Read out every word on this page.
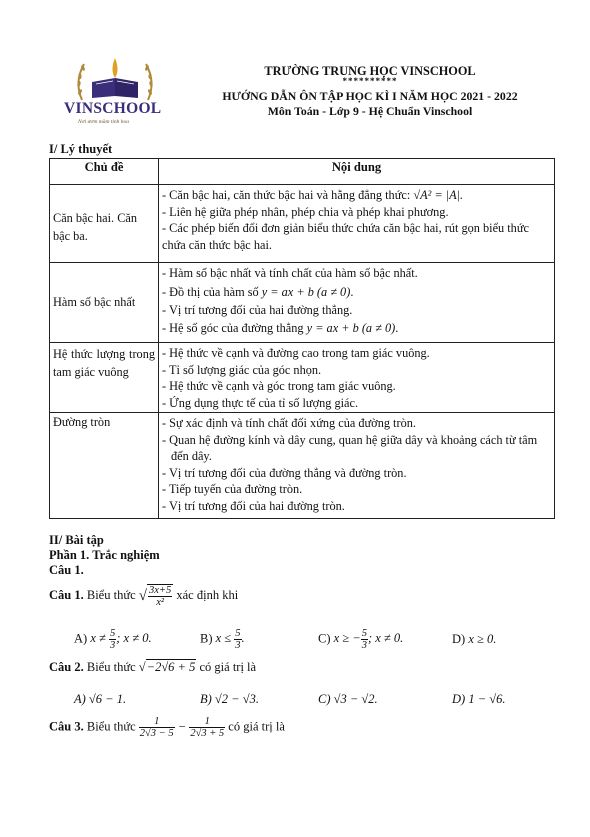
VINSCHOOL
Nơi ươm mầm tinh hoa
TRƯỜNG TRUNG HỌC VINSCHOOL
**********
HƯỚNG DẪN ÔN TẬP HỌC KÌ I NĂM HỌC 2021 - 2022
Môn Toán - Lớp 9 - Hệ Chuẩn Vinschool
I/ Lý thuyết
Chủ đề	Nội dung

Căn bậc hai. Căn bậc ba.	- Căn bậc hai, căn thức bậc hai và hằng đẳng thức: √A² = |A|.
- Liên hệ giữa phép nhân, phép chia và phép khai phương.
- Các phép biến đổi đơn giản biểu thức chứa căn bậc hai, rút gọn biểu thức chứa căn thức bậc hai.

Hàm số bậc nhất	- Hàm số bậc nhất và tính chất của hàm số bậc nhất.
- Đồ thị của hàm số y = ax + b (a ≠ 0).
- Vị trí tương đối của hai đường thẳng.
- Hệ số góc của đường thẳng y = ax + b (a ≠ 0).

Hệ thức lượng trong tam giác vuông	- Hệ thức về cạnh và đường cao trong tam giác vuông.
- Tỉ số lượng giác của góc nhọn.
- Hệ thức về cạnh và góc trong tam giác vuông.
- Ứng dụng thực tế của tỉ số lượng giác.

Đường tròn	- Sự xác định và tính chất đối xứng của đường tròn.
- Quan hệ đường kính và dây cung, quan hệ giữa dây và khoảng cách từ tâm đến dây.
- Vị trí tương đối của đường thẳng và đường tròn.
- Tiếp tuyến của đường tròn.
- Vị trí tương đối của hai đường tròn.
II/ Bài tập
Phần 1. Trắc nghiệm
Câu 1.
Câu 1. Biểu thức √ $\frac{3x+5}{\text{x²}}$ xác định khi
A) $x \ne \frac{5}{3}$ ; x ≠ 0.	B) $x \le \frac{5}{3}$ .	C) x ≥ − $\frac{5}{3}$ ; x ≠ 0.	D) x ≥ 0.
Câu 2. Biểu thức √−2√6 + 5 có giá trị là
A) √6 − 1.	B) √2 − √3.	C) √3 − √2.	D) 1 − √6.
Câu 3. Biểu thức $\frac{1}{2√3 - 5} - \frac{1}{2√3 + 5}$ có giá trị là
